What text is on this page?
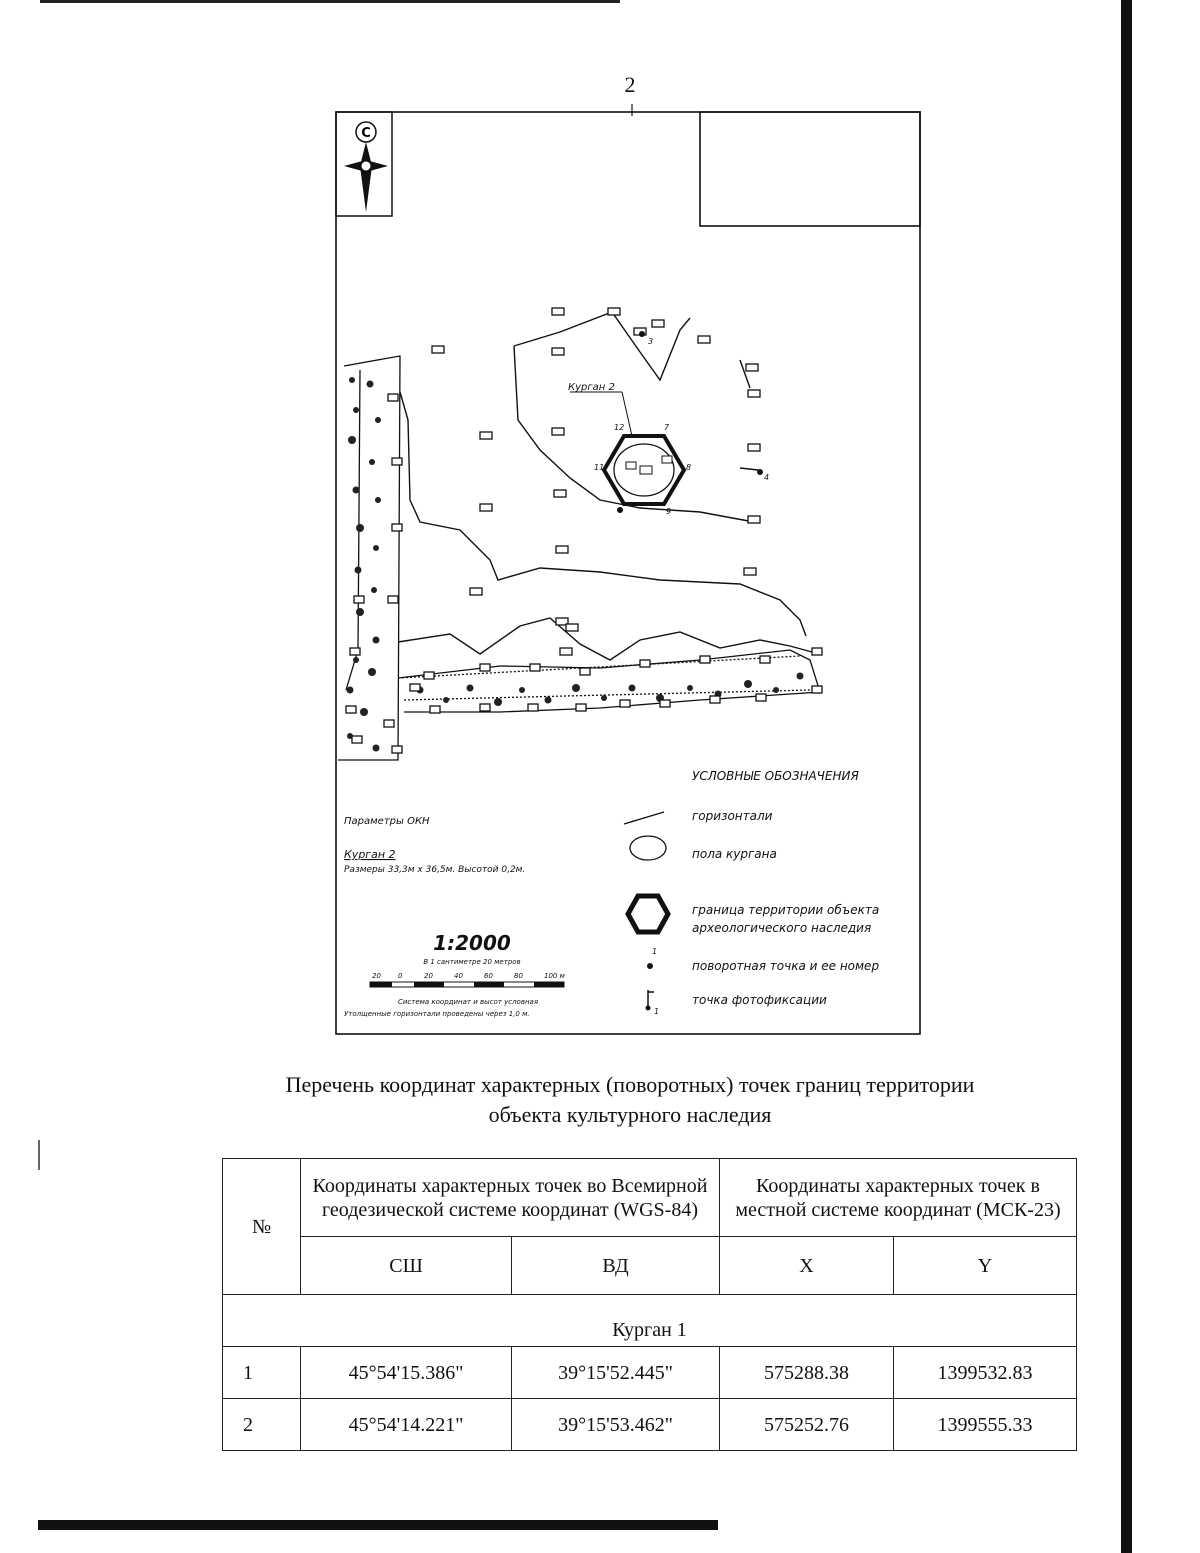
2
С
Курган 2
3
4
7
8
9
11
12
УСЛОВНЫЕ ОБОЗНАЧЕНИЯ
горизонтали
пола кургана
граница территории объекта
археологического наследия
1
поворотная точка и ее номер
1
точка фотофиксации
Параметры ОКН
Курган 2
Размеры 33,3м х 36,5м. Высотой 0,2м.
1:2000
В 1 сантиметре 20 метров
20 0	20	40	60	80	100 м
Система координат и высот условная
Утолщенные горизонтали проведены через 1,0 м.
Перечень координат характерных (поворотных) точек границ территории
объекта культурного наследия
№	Координаты характерных точек во Всемирной геодезической системе координат (WGS-84)		Координаты характерных точек в местной системе координат (МСК-23)	
	СШ	ВД	X	Y
Курган 1				
1	45°54'15.386"	39°15'52.445"	575288.38	1399532.83
2	45°54'14.221"	39°15'53.462"	575252.76	1399555.33
